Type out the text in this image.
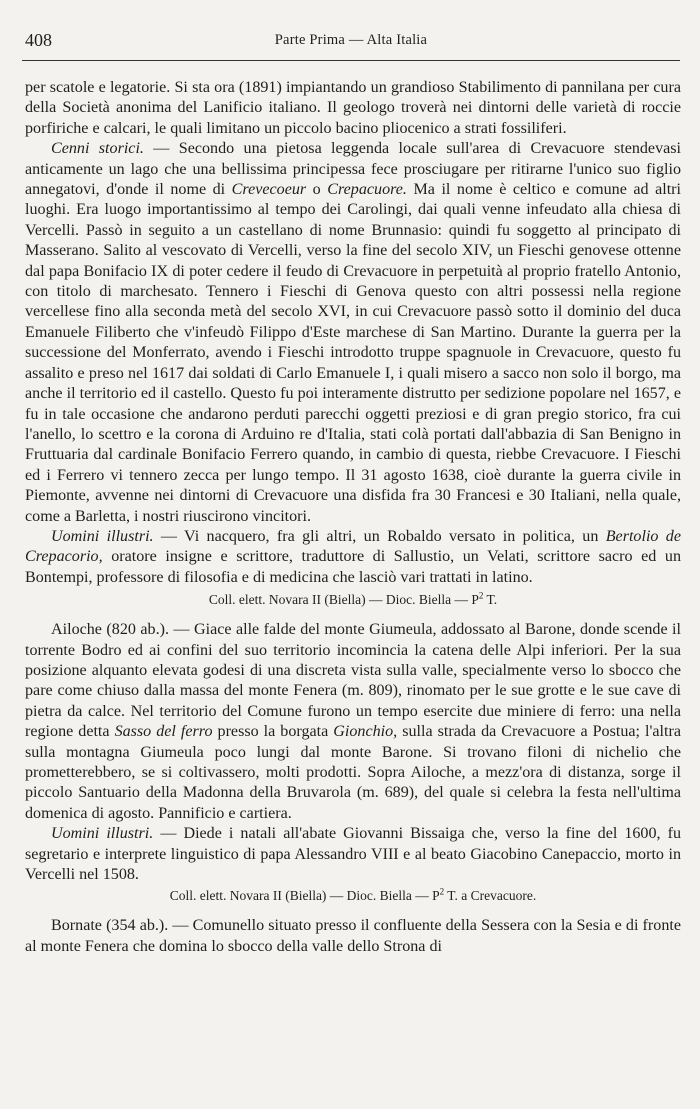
408	Parte Prima — Alta Italia

per scatole e legatorie. Si sta ora (1891) impiantando un grandioso Stabilimento di pannilana per cura della Società anonima del Lanificio italiano. Il geologo troverà nei dintorni delle varietà di roccie porfiriche e calcari, le quali limitano un piccolo bacino pliocenico a strati fossiliferi.

Cenni storici. — Secondo una pietosa leggenda locale sull'area di Crevacuore stendevasi anticamente un lago che una bellissima principessa fece prosciugare per ritirarne l'unico suo figlio annegatovi, d'onde il nome di Crevecoeur o Crepacuore. Ma il nome è celtico e comune ad altri luoghi. Era luogo importantissimo al tempo dei Carolingi, dai quali venne infeudato alla chiesa di Vercelli. Passò in seguito a un castellano di nome Brunnasio: quindi fu soggetto al principato di Masserano. Salito al vescovato di Vercelli, verso la fine del secolo XIV, un Fieschi genovese ottenne dal papa Bonifacio IX di poter cedere il feudo di Crevacuore in perpetuità al proprio fratello Antonio, con titolo di marchesato. Tennero i Fieschi di Genova questo con altri possessi nella regione vercellese fino alla seconda metà del secolo XVI, in cui Crevacuore passò sotto il dominio del duca Emanuele Filiberto che v'infeudò Filippo d'Este marchese di San Martino. Durante la guerra per la successione del Monferrato, avendo i Fieschi introdotto truppe spagnuole in Crevacuore, questo fu assalito e preso nel 1617 dai soldati di Carlo Emanuele I, i quali misero a sacco non solo il borgo, ma anche il territorio ed il castello. Questo fu poi interamente distrutto per sedizione popolare nel 1657, e fu in tale occasione che andarono perduti parecchi oggetti preziosi e di gran pregio storico, fra cui l'anello, lo scettro e la corona di Arduino re d'Italia, stati colà portati dall'abbazia di San Benigno in Fruttuaria dal cardinale Bonifacio Ferrero quando, in cambio di questa, riebbe Crevacuore. I Fieschi ed i Ferrero vi tennero zecca per lungo tempo. Il 31 agosto 1638, cioè durante la guerra civile in Piemonte, avvenne nei dintorni di Crevacuore una disfida fra 30 Francesi e 30 Italiani, nella quale, come a Barletta, i nostri riuscirono vincitori.

Uomini illustri. — Vi nacquero, fra gli altri, un Robaldo versato in politica, un Bertolio de Crepacorio, oratore insigne e scrittore, traduttore di Sallustio, un Velati, scrittore sacro ed un Bontempi, professore di filosofia e di medicina che lasciò vari trattati in latino.

Coll. elett. Novara II (Biella) — Dioc. Biella — $P^2$ T.

Ailoche (820 ab.). — Giace alle falde del monte Giumeula, addossato al Barone, donde scende il torrente Bodro ed ai confini del suo territorio incomincia la catena delle Alpi inferiori. Per la sua posizione alquanto elevata godesi di una discreta vista sulla valle, specialmente verso lo sbocco che pare come chiuso dalla massa del monte Fenera (m. 809), rinomato per le sue grotte e le sue cave di pietra da calce. Nel territorio del Comune furono un tempo esercite due miniere di ferro: una nella regione detta Sasso del ferro presso la borgata Gionchio, sulla strada da Crevacuore a Postua; l'altra sulla montagna Giumeula poco lungi dal monte Barone. Si trovano filoni di nichelio che prometterebbero, se si coltivassero, molti prodotti. Sopra Ailoche, a mezz'ora di distanza, sorge il piccolo Santuario della Madonna della Bruvarola (m. 689), del quale si celebra la festa nell'ultima domenica di agosto. Pannificio e cartiera.

Uomini illustri. — Diede i natali all'abate Giovanni Bissaiga che, verso la fine del 1600, fu segretario e interprete linguistico di papa Alessandro VIII e al beato Giacobino Canepaccio, morto in Vercelli nel 1508.

Coll. elett. Novara II (Biella) — Dioc. Biella — $P^2$ T. a Crevacuore.

Bornate (354 ab.). — Comunello situato presso il confluente della Sessera con la Sesia e di fronte al monte Fenera che domina lo sbocco della valle dello Strona di
